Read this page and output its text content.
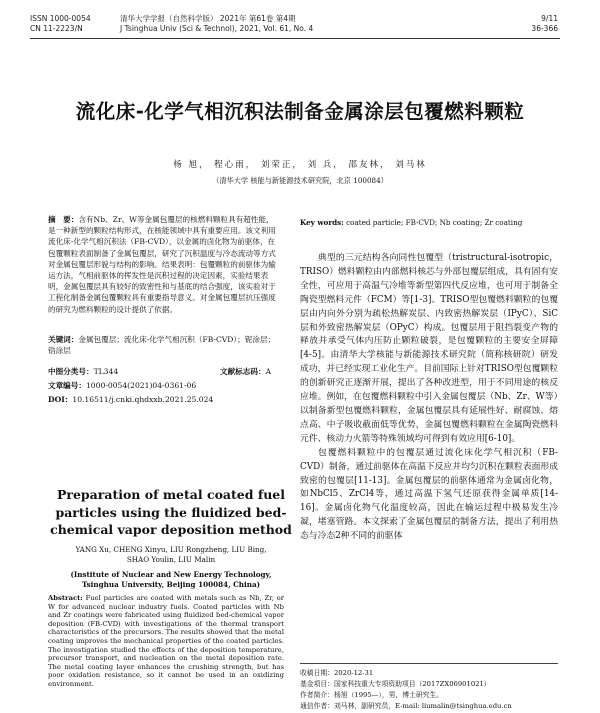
ISSN 1000-0054
CN 11-2223/N
清华大学学报（自然科学版） 2021年 第61卷 第4期
J Tsinghua Univ (Sci & Technol), 2021, Vol. 61, No. 4
9/11
36-366
流化床-化学气相沉积法制备金属涂层包覆燃料颗粒
杨 旭， 程心雨， 刘荣正， 刘 兵， 邵友林， 刘马林
（清华大学 核能与新能源技术研究院，北京 100084）
摘　要：含有Nb、Zr、W等金属包覆层的核燃料颗粒具有超性能，是一种新型的颗粒结构形式，在核能领域中具有重要应用。该文利用流化床-化学气相沉积法（FB-CVD），以金属的卤化物为前驱体，在包覆颗粒表面制备了金属包覆层，研究了沉积温度与冷态流动等方式对金属包覆层形貌与结构的影响。结果表明：包覆颗粒的前驱体为输运方法，气相前驱体的挥发性是沉积过程的决定因素，实验结果表明，金属包覆层具有较好的致密性和与基底的结合强度，该实验对于工程化制备金属包覆颗粒具有重要指导意义。对金属包覆层抗压强度的研究为燃料颗粒的设计提供了依据。
关键词：金属包覆层；流化床-化学气相沉积（FB-CVD）；铌涂层；锆涂层
中图分类号：TL344	文献标志码：A
文章编号：1000-0054(2021)04-0361-06
DOI：10.16511/j.cnki.qhdxxb.2021.25.024
Preparation of metal coated fuel particles using the fluidized bed-chemical vapor deposition method
YANG Xu, CHENG Xinyu, LIU Rongzheng, LIU Bing,
SHAO Youlin, LIU Malin
(Institute of Nuclear and New Energy Technology,
Tsinghua University, Beijing 100084, China)
Abstract: Fuel particles are coated with metals such as Nb, Zr, or W for advanced nuclear industry fuels. Coated particles with Nb and Zr coatings were fabricated using fluidized bed-chemical vapor deposition (FB-CVD) with investigations of the thermal transport characteristics of the precursors. The results showed that the metal coating improves the mechanical properties of the coated particles. The investigation studied the effects of the deposition temperature, precursor transport, and nucleation on the metal deposition rate. The metal coating layer enhances the crushing strength, but has poor oxidation resistance, so it cannot be used in an oxidizing environment.
Key words: coated particle; FB-CVD; Nb coating; Zr coating

典型的三元结构各向同性包覆型（tristructural-isotropic，TRISO）燃料颗粒由内部燃料核芯与外部包覆层组成，具有固有安全性，可应用于高温气冷堆等新型第四代反应堆，也可用于制备全陶瓷型燃料元件（FCM）等[1-3]。TRISO型包覆燃料颗粒的包覆层由内向外分别为疏松热解炭层、内致密热解炭层（IPyC）、SiC层和外致密热解炭层（OPyC）构成。包覆层用于阻挡裂变产物的释放并承受气体内压防止颗粒破裂，是包覆颗粒的主要安全屏障[4-5]。由清华大学核能与新能源技术研究院（简称核研院）研发成功，并已经实现工业化生产。目前国际上针对TRISO型包覆颗粒的创新研究正逐渐开展，提出了各种改进型，用于不同用途的核反应堆。例如，在包覆燃料颗粒中引入金属包覆层（Nb、Zr、W等）以制备新型包覆燃料颗粒，金属包覆层具有延展性好、耐腐蚀、熔点高、中子吸收截面低等优势，金属包覆燃料颗粒在金属陶瓷燃料元件、核动力火箭等特殊领域均可得到有效应用[6-10]。

包覆燃料颗粒中的包覆层通过流化床化学气相沉积（FB-CVD）制备，通过前驱体在高温下反应并均匀沉积在颗粒表面形成致密的包覆层[11-13]。金属包覆层的前驱体通常为金属卤化物，如NbCl5、ZrCl4等，通过高温下氢气还原获得金属单质[14-16]。金属卤化物气化温度较高，因此在输运过程中极易发生冷凝，堵塞管路。本文探索了金属包覆层的制备方法，提出了利用热态与冷态2种不同的前驱体

收稿日期：2020-12-31
基金项目：国家科技重大专项资助项目（2017ZX06901021）
作者简介：杨旭（1995—），男，博士研究生。
通信作者：刘马林，副研究员，E-mail: liumalin@tsinghua.edu.cn
